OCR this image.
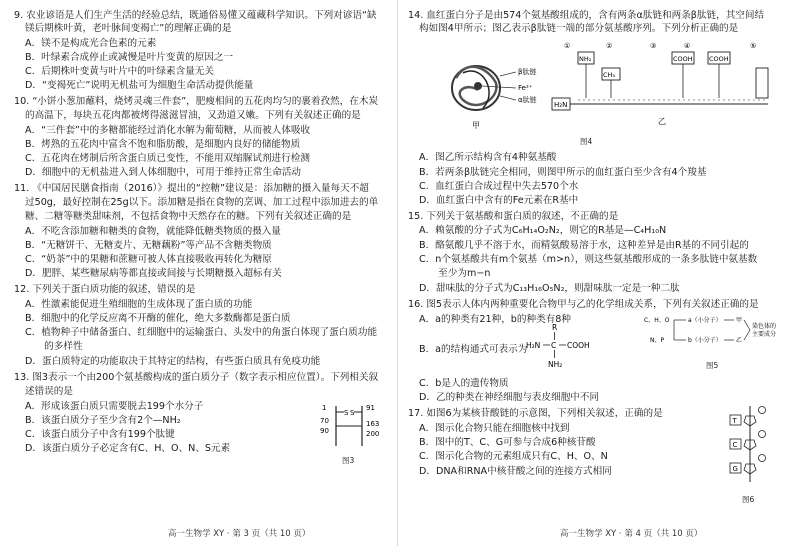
9. 农业谚语是人们生产生活的经验总结，既通俗易懂又蕴藏科学知识。下列对谚语“缺
镁后期株叶黄，老叶脉间变褐亡”的理解正确的是
A．镁不是构成光合色素的元素
B．叶绿素合成停止或减慢是叶片变黄的原因之一
C．后期株叶变黄与叶片中的叶绿素含量无关
D．“变褐死亡”说明无机盐可为细胞生命活动提供能量
10. “小饼小葱加蘸料，烧烤灵魂三件套”，肥瘦相间的五花肉均匀的裹着孜然，在木炭
的高温下，每块五花肉都被烤得滋滋冒油，又劲道又嫩。下列有关叙述正确的是
A．“三件套”中的多糖都能经过消化水解为葡萄糖，从而被人体吸收
B．烤熟的五花肉中富含不饱和脂肪酸，是细胞内良好的储能物质
C．五花肉在烤制后所含蛋白质已变性，不能用双缩脲试剂进行检测
D．细胞中的无机盐进入到人体细胞中，可用于维持正常生命活动
11. 《中国居民膳食指南（2016）》提出的“控糖”建议是：添加糖的摄入量每天不超
过50g，最好控制在25g以下。添加糖是指在食物的烹调、加工过程中添加进去的单
糖、二糖等糖类甜味剂，不包括食物中天然存在的糖。下列有关叙述正确的是
A．不吃含添加糖和糖类的食物，就能降低糖类物质的摄入量
B．“无糖饼干、无糖麦片、无糖藕粉”等产品不含糖类物质
C．“奶茶”中的果糖和蔗糖可被人体直接吸收再转化为糖原
D．肥胖、某些糖尿病等都直接或间接与长期糖摄入超标有关
12. 下列关于蛋白质功能的叙述，错误的是
A．性激素能促进生殖细胞的生成体现了蛋白质的功能
B．细胞中的化学反应离不开酶的催化，绝大多数酶都是蛋白质
C．植物种子中储备蛋白、红细胞中的运输蛋白、头发中的角蛋白体现了蛋白质功能
　　的多样性
D．蛋白质特定的功能取决于其特定的结构，有些蛋白质具有免疫功能
13. 图3表示一个由200个氨基酸构成的蛋白质分子（数字表示相应位置）。下列相关叙
述错误的是
A．形成该蛋白质只需要脱去199个水分子
B．该蛋白质分子至少含有2个—NH₂
C．该蛋白质分子中含有199个肽键
D．该蛋白质分子必定含有C、H、O、N、S元素
1
70
90
S S
91
163
200
图3
高一生物学 XY · 第 3 页（共 10 页）
14. 血红蛋白分子是由574个氨基酸组成的，含有两条α肽链和两条β肽链，其空间结
构如图4甲所示；图乙表示β肽链一端的部分氨基酸序列。下列分析正确的是
甲
β肽链
α肽链
Fe²⁺
①
H₂N
NH₂
②
CH₃
③
COOH
④
COOH
⑤
乙
图4
A．图乙所示结构含有4种氨基酸
B．若两条β肽链完全相同，则图甲所示的血红蛋白至少含有4个羧基
C．血红蛋白合成过程中失去570个水
D．血红蛋白中含有的Fe元素在R基中
15. 下列关于氨基酸和蛋白质的叙述，不正确的是
A．赖氨酸的分子式为C₆H₁₄O₂N₂，则它的R基是—C₄H₁₀N
B．酪氨酸几乎不溶于水，而精氨酸易溶于水，这种差异是由R基的不同引起的
C．n个氨基酸共有m个氨基（m>n），则这些氨基酸形成的一条多肽链中氨基数
　　至少为m−n
D．甜味肽的分子式为C₁₃H₁₆O₅N₂，则甜味肽一定是一种二肽
16. 图5表示人体内两种重要化合物甲与乙的化学组成关系，下列有关叙述正确的是
A．a的种类有21种，b的种类有8种
B．a的结构通式可表示为
R
H₂N C COOH
NH₂
C、H、O
N、P
a（小分子）
b（小分子）
甲
乙
染色体的
主要成分
图5
C．b是人的遗传物质
D．乙的种类在神经细胞与表皮细胞中不同
17. 如图6为某核苷酸链的示意图，下列相关叙述，正确的是
A．图示化合物只能在细胞核中找到
B．图中的T、C、G可参与合成6种核苷酸
C．图示化合物的元素组成只有C、H、O、N
D．DNA和RNA中核苷酸之间的连接方式相同
T
C
G
图6
高一生物学 XY · 第 4 页（共 10 页）
